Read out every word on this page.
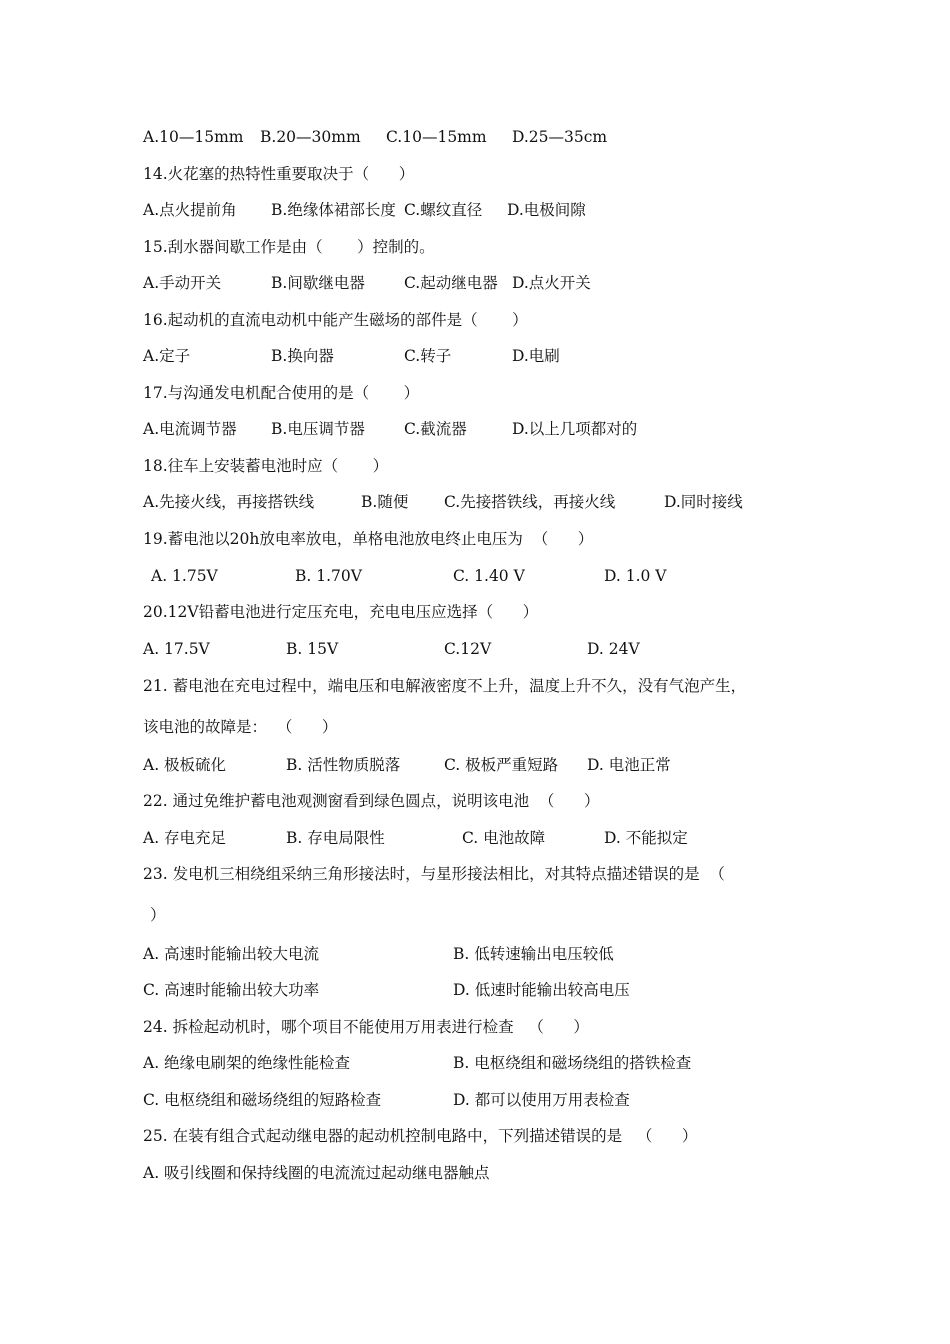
A.10—15mm B.20—30mm C.10—15mm D.25—35cm
14.火花塞的热特性重要取决于（      ）
A.点火提前角 B.绝缘体裙部长度 C.螺纹直径 D.电极间隙
15.刮水器间歇工作是由（       ）控制的。
A.手动开关	B.间歇继电器	C.起动继电器 D.点火开关
16.起动机的直流电动机中能产生磁场的部件是（       ）
A.定子	B.换向器	C.转子	D.电刷
17.与沟通发电机配合使用的是（       ）
A.电流调节器 B.电压调节器	C.截流器	D.以上几项都对的
18.往车上安装蓄电池时应（       ）
A.先接火线，再接搭铁线	B.随便 C.先接搭铁线，再接火线	D.同时接线
19.蓄电池以20h放电率放电，单格电池放电终止电压为  （      ）
A. 1.75V	B. 1.70V	C. 1.40 V	D. 1.0 V
20.12V铅蓄电池进行定压充电，充电电压应选择（      ）
A. 17.5V	B. 15V	C.12V	D. 24V
21. 蓄电池在充电过程中，端电压和电解液密度不上升，温度上升不久，没有气泡产生，
该电池的故障是：  （      ）
A. 极板硫化	B. 活性物质脱落	C. 极板严重短路 D. 电池正常
22. 通过免维护蓄电池观测窗看到绿色圆点，说明该电池  （      ）
A. 存电充足	B. 存电局限性	C. 电池故障	D. 不能拟定
23. 发电机三相绕组采纳三角形接法时，与星形接法相比，对其特点描述错误的是  （
）
A. 高速时能输出较大电流	B. 低转速输出电压较低
C. 高速时能输出较大功率	D. 低速时能输出较高电压
24. 拆检起动机时，哪个项目不能使用万用表进行检查   （      ）
A. 绝缘电刷架的绝缘性能检查	B. 电枢绕组和磁场绕组的搭铁检查
C. 电枢绕组和磁场绕组的短路检查	D. 都可以使用万用表检查
25. 在装有组合式起动继电器的起动机控制电路中，下列描述错误的是   （      ）
A. 吸引线圈和保持线圈的电流流过起动继电器触点
